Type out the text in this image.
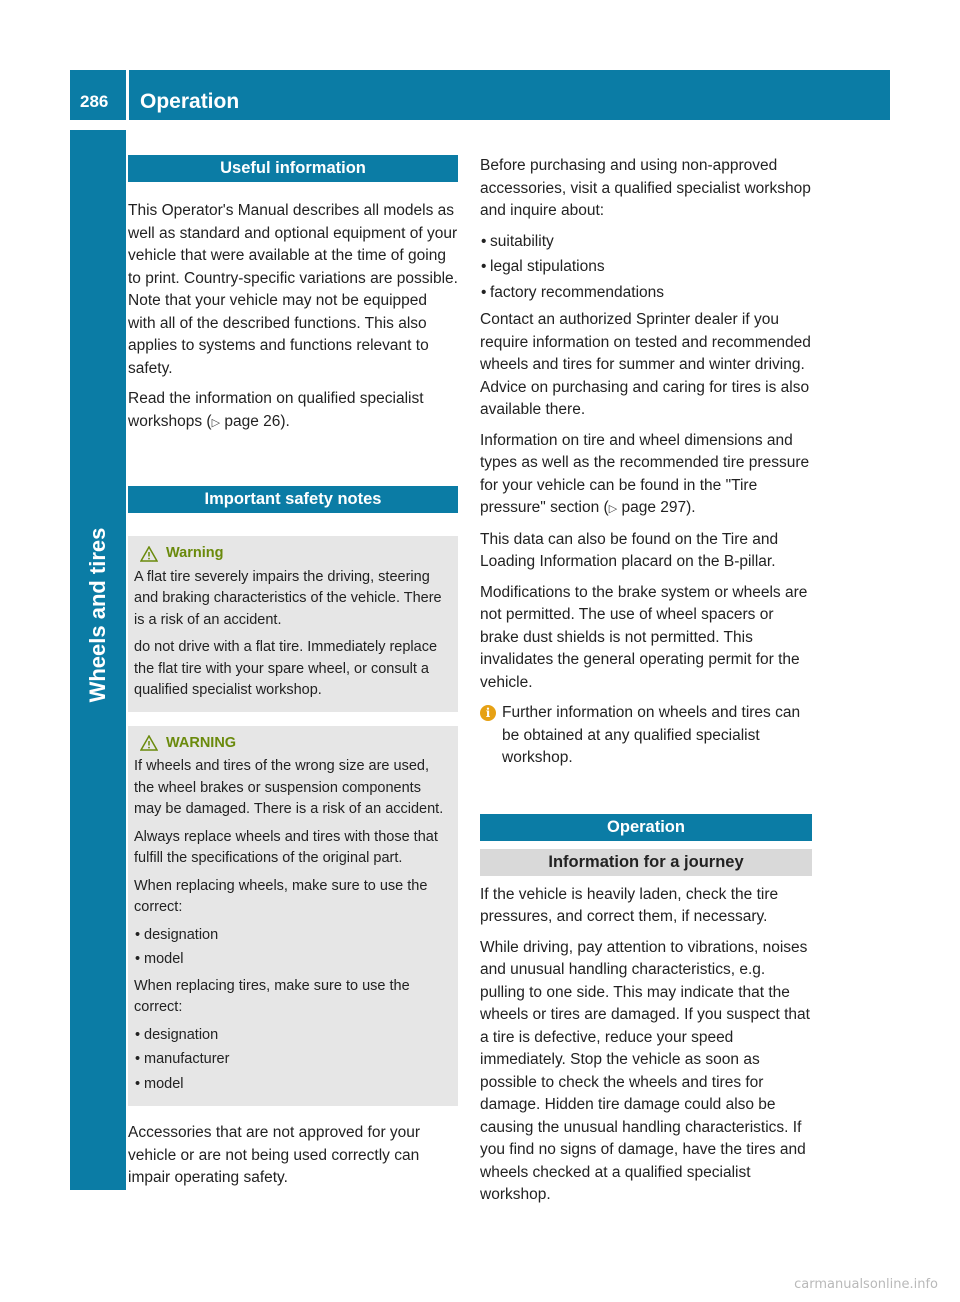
286	Operation
Wheels and tires
Useful information

This Operator's Manual describes all models as well as standard and optional equipment of your vehicle that were available at the time of going to print. Country-specific variations are possible. Note that your vehicle may not be equipped with all of the described functions. This also applies to systems and functions relevant to safety.

Read the information on qualified specialist workshops (▷ page 26).

Important safety notes
Warning

A flat tire severely impairs the driving, steering and braking characteristics of the vehicle. There is a risk of an accident.

do not drive with a flat tire. Immediately replace the flat tire with your spare wheel, or consult a qualified specialist workshop.

WARNING

If wheels and tires of the wrong size are used, the wheel brakes or suspension components may be damaged. There is a risk of an accident.

Always replace wheels and tires with those that fulfill the specifications of the original part.

When replacing wheels, make sure to use the correct:

• designation
• model

When replacing tires, make sure to use the correct:

• designation
• manufacturer
• model

Accessories that are not approved for your vehicle or are not being used correctly can impair operating safety.

Before purchasing and using non-approved accessories, visit a qualified specialist workshop and inquire about:

• suitability
• legal stipulations
• factory recommendations

Contact an authorized Sprinter dealer if you require information on tested and recommended wheels and tires for summer and winter driving. Advice on purchasing and caring for tires is also available there.

Information on tire and wheel dimensions and types as well as the recommended tire pressure for your vehicle can be found in the "Tire pressure" section (▷ page 297).

This data can also be found on the Tire and Loading Information placard on the B-pillar.

Modifications to the brake system or wheels are not permitted. The use of wheel spacers or brake dust shields is not permitted. This invalidates the general operating permit for the vehicle.

i Further information on wheels and tires can be obtained at any qualified specialist workshop.

Operation
Information for a journey

If the vehicle is heavily laden, check the tire pressures, and correct them, if necessary.

While driving, pay attention to vibrations, noises and unusual handling characteristics, e.g. pulling to one side. This may indicate that the wheels or tires are damaged. If you suspect that a tire is defective, reduce your speed immediately. Stop the vehicle as soon as possible to check the wheels and tires for damage. Hidden tire damage could also be causing the unusual handling characteristics. If you find no signs of damage, have the tires and wheels checked at a qualified specialist workshop.

carmanualsonline.info
